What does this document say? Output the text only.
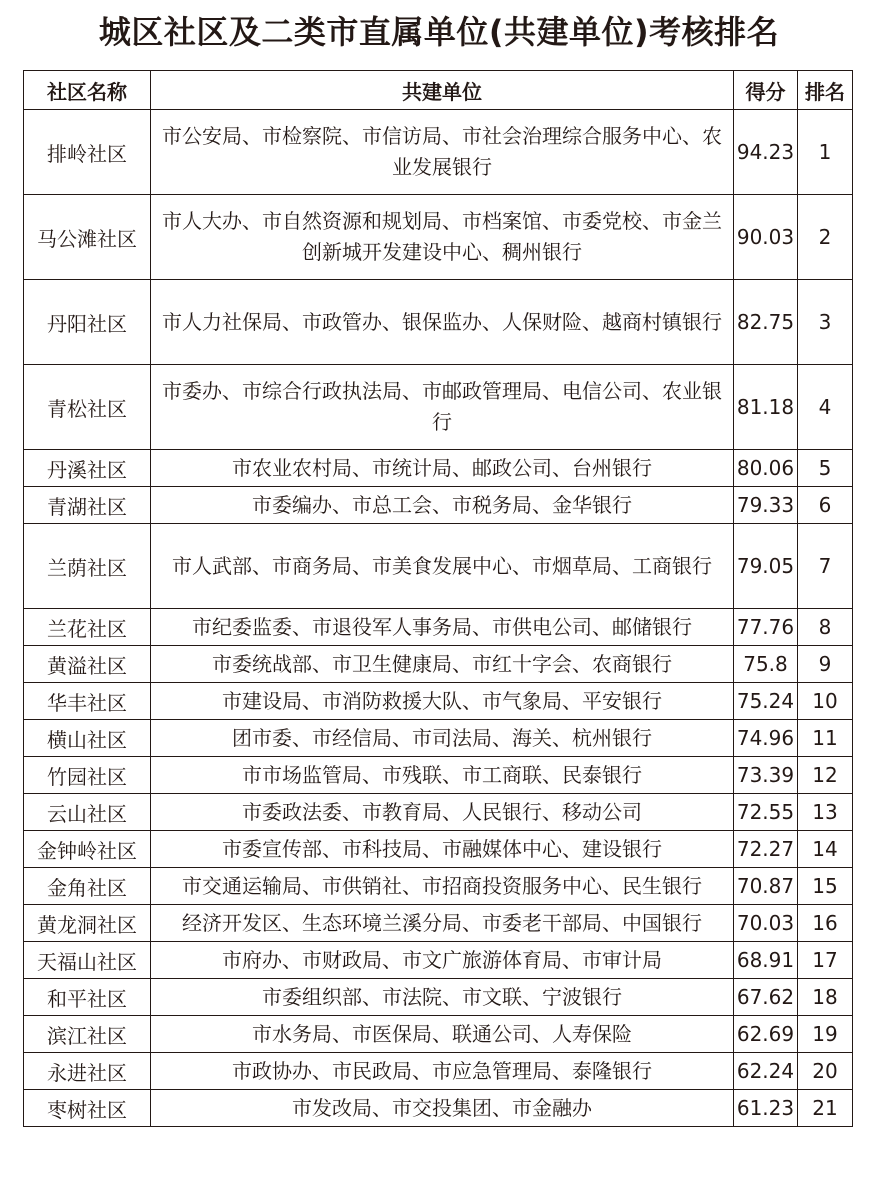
城区社区及二类市直属单位(共建单位)考核排名
社区名称	共建单位	得分	排名
排岭社区	市公安局、市检察院、市信访局、市社会治理综合服务中心、农业发展银行	94.23	1
马公滩社区	市人大办、市自然资源和规划局、市档案馆、市委党校、市金兰创新城开发建设中心、稠州银行	90.03	2
丹阳社区	市人力社保局、市政管办、银保监办、人保财险、越商村镇银行	82.75	3
青松社区	市委办、市综合行政执法局、市邮政管理局、电信公司、农业银行	81.18	4
丹溪社区	市农业农村局、市统计局、邮政公司、台州银行	80.06	5
青湖社区	市委编办、市总工会、市税务局、金华银行	79.33	6
兰荫社区	市人武部、市商务局、市美食发展中心、市烟草局、工商银行	79.05	7
兰花社区	市纪委监委、市退役军人事务局、市供电公司、邮储银行	77.76	8
黄溢社区	市委统战部、市卫生健康局、市红十字会、农商银行	75.8	9
华丰社区	市建设局、市消防救援大队、市气象局、平安银行	75.24	10
横山社区	团市委、市经信局、市司法局、海关、杭州银行	74.96	11
竹园社区	市市场监管局、市残联、市工商联、民泰银行	73.39	12
云山社区	市委政法委、市教育局、人民银行、移动公司	72.55	13
金钟岭社区	市委宣传部、市科技局、市融媒体中心、建设银行	72.27	14
金角社区	市交通运输局、市供销社、市招商投资服务中心、民生银行	70.87	15
黄龙洞社区	经济开发区、生态环境兰溪分局、市委老干部局、中国银行	70.03	16
天福山社区	市府办、市财政局、市文广旅游体育局、市审计局	68.91	17
和平社区	市委组织部、市法院、市文联、宁波银行	67.62	18
滨江社区	市水务局、市医保局、联通公司、人寿保险	62.69	19
永进社区	市政协办、市民政局、市应急管理局、泰隆银行	62.24	20
枣树社区	市发改局、市交投集团、市金融办	61.23	21
